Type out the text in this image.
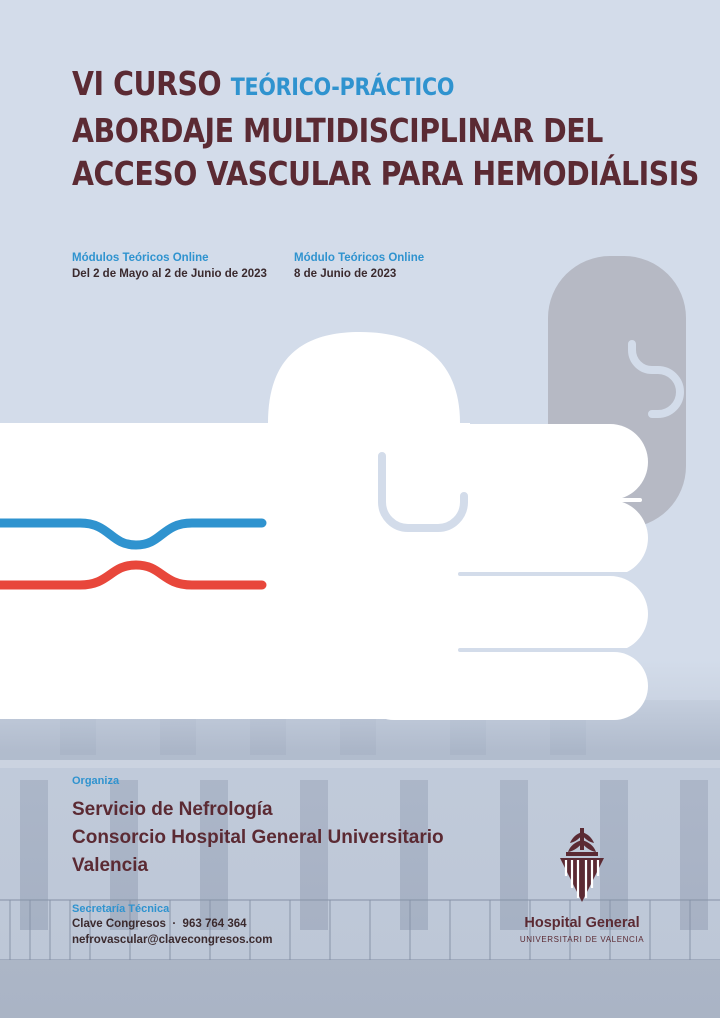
VI CURSO TEÓRICO-PRÁCTICO
ABORDAJE MULTIDISCIPLINAR DEL
ACCESO VASCULAR PARA HEMODIÁLISIS
Módulos Teóricos Online
Del 2 de Mayo al 2 de Junio de 2023
Módulo Teóricos Online
8 de Junio de 2023
Organiza
Servicio de Nefrología
Consorcio Hospital General Universitario
Valencia
Secretaría Técnica
Clave Congresos  ·  963 764 364
nefrovascular@clavecongresos.com
Hospital General
UNIVERSITARI DE VALENCIA
